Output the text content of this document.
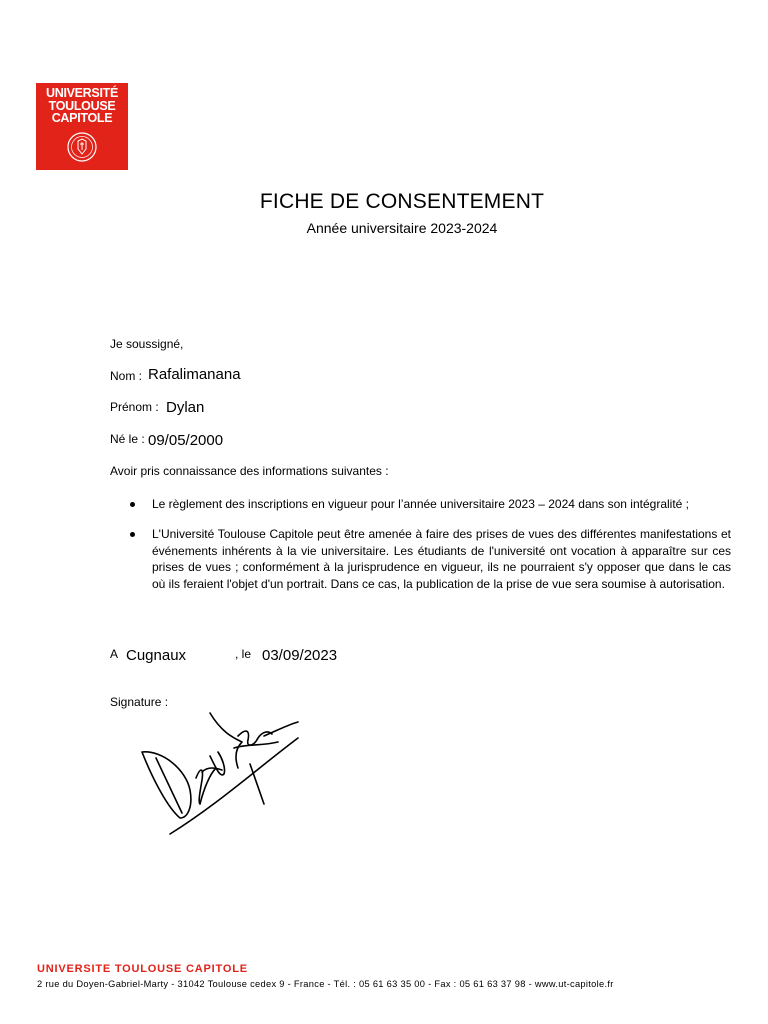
UNIVERSITÉ
TOULOUSE
CAPITOLE
FICHE DE CONSENTEMENT
Année universitaire 2023-2024
Je soussigné,
Nom : Rafalimanana
Prénom : Dylan
Né le : 09/05/2000
Avoir pris connaissance des informations suivantes :
Le règlement des inscriptions en vigueur pour l’année universitaire 2023 – 2024 dans son intégralité ;
L'Université Toulouse Capitole peut être amenée à faire des prises de vues des différentes manifestations et événements inhérents à la vie universitaire. Les étudiants de l'université ont vocation à apparaître sur ces prises de vues ; conformément à la jurisprudence en vigueur, ils ne pourraient s'y opposer que dans le cas où ils feraient l'objet d'un portrait. Dans ce cas, la publication de la prise de vue sera soumise à autorisation.
A Cugnaux	, le 03/09/2023
Signature :
UNIVERSITE TOULOUSE CAPITOLE
2 rue du Doyen-Gabriel-Marty - 31042 Toulouse cedex 9 - France - Tél. : 05 61 63 35 00 - Fax : 05 61 63 37 98 - www.ut-capitole.fr
